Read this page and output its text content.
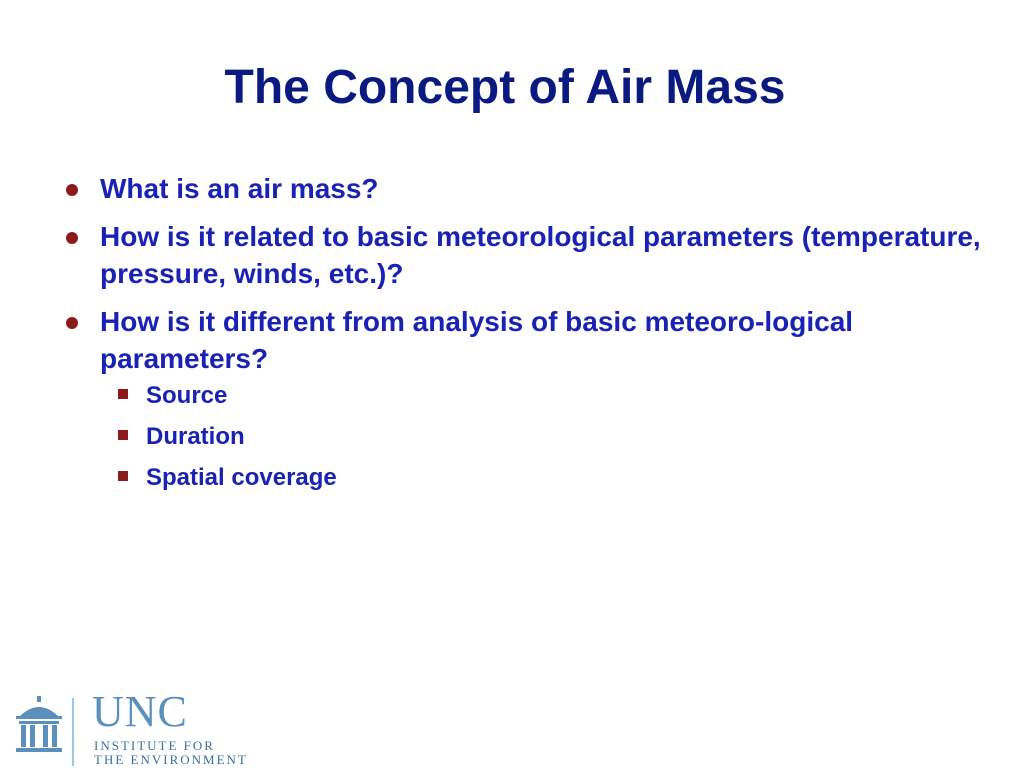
The Concept of Air Mass
What is an air mass?
How is it related to basic meteorological parameters (temperature, pressure, winds, etc.)?
How is it different from analysis of basic meteoro-logical parameters?
Source
Duration
Spatial coverage
UNC
INSTITUTE FOR
THE ENVIRONMENT
